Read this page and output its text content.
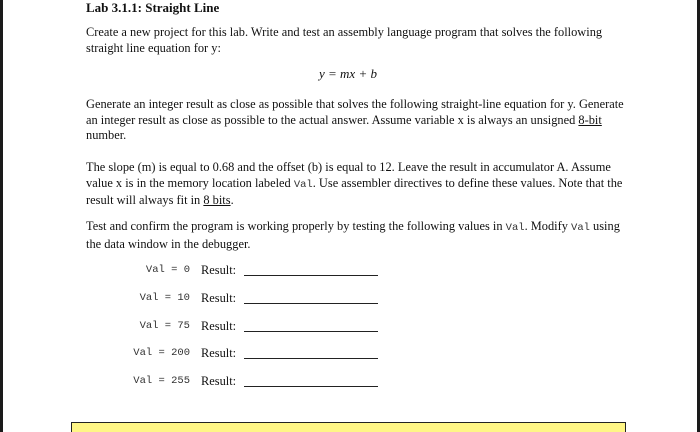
Lab 3.1.1: Straight Line

Create a new project for this lab. Write and test an assembly language program that solves the following straight line equation for y:

y = mx + b

Generate an integer result as close as possible that solves the following straight-line equation for y. Generate an integer result as close as possible to the actual answer. Assume variable x is always an unsigned 8-bit number.

The slope (m) is equal to 0.68 and the offset (b) is equal to 12. Leave the result in accumulator A. Assume value x is in the memory location labeled Val. Use assembler directives to define these values. Note that the result will always fit in 8 bits.

Test and confirm the program is working properly by testing the following values in Val. Modify Val using the data window in the debugger.

Val = 0 Result:
Val = 10 Result:
Val = 75 Result:
Val = 200 Result:
Val = 255 Result:
